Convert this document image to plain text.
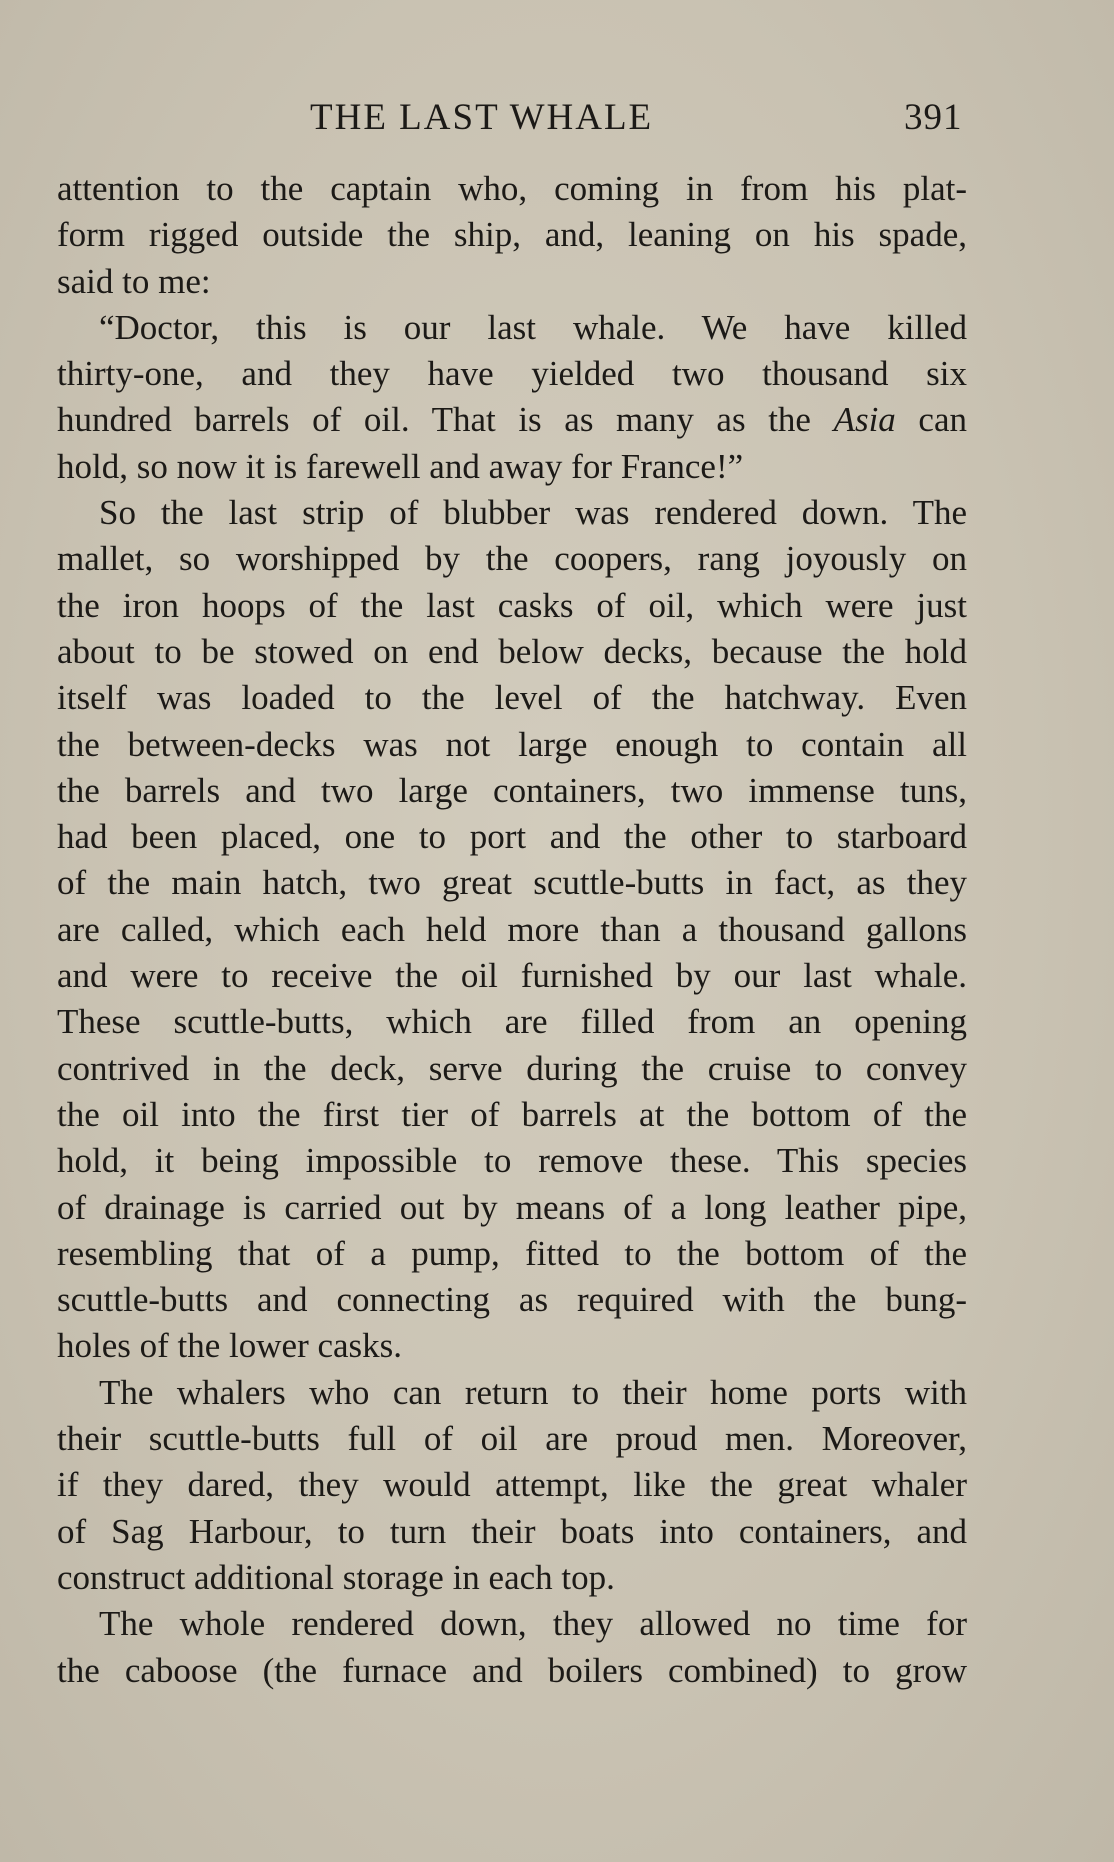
THE LAST WHALE	391
attention to the captain who, coming in from his plat-
form rigged outside the ship, and, leaning on his spade,
said to me:
“Doctor, this is our last whale. We have killed
thirty-one, and they have yielded two thousand six
hundred barrels of oil. That is as many as the Asia can
hold, so now it is farewell and away for France!”
So the last strip of blubber was rendered down. The
mallet, so worshipped by the coopers, rang joyously on
the iron hoops of the last casks of oil, which were just
about to be stowed on end below decks, because the hold
itself was loaded to the level of the hatchway. Even
the between-decks was not large enough to contain all
the barrels and two large containers, two immense tuns,
had been placed, one to port and the other to starboard
of the main hatch, two great scuttle-butts in fact, as they
are called, which each held more than a thousand gallons
and were to receive the oil furnished by our last whale.
These scuttle-butts, which are filled from an opening
contrived in the deck, serve during the cruise to convey
the oil into the first tier of barrels at the bottom of the
hold, it being impossible to remove these. This species
of drainage is carried out by means of a long leather pipe,
resembling that of a pump, fitted to the bottom of the
scuttle-butts and connecting as required with the bung-
holes of the lower casks.
The whalers who can return to their home ports with
their scuttle-butts full of oil are proud men. Moreover,
if they dared, they would attempt, like the great whaler
of Sag Harbour, to turn their boats into containers, and
construct additional storage in each top.
The whole rendered down, they allowed no time for
the caboose (the furnace and boilers combined) to grow
